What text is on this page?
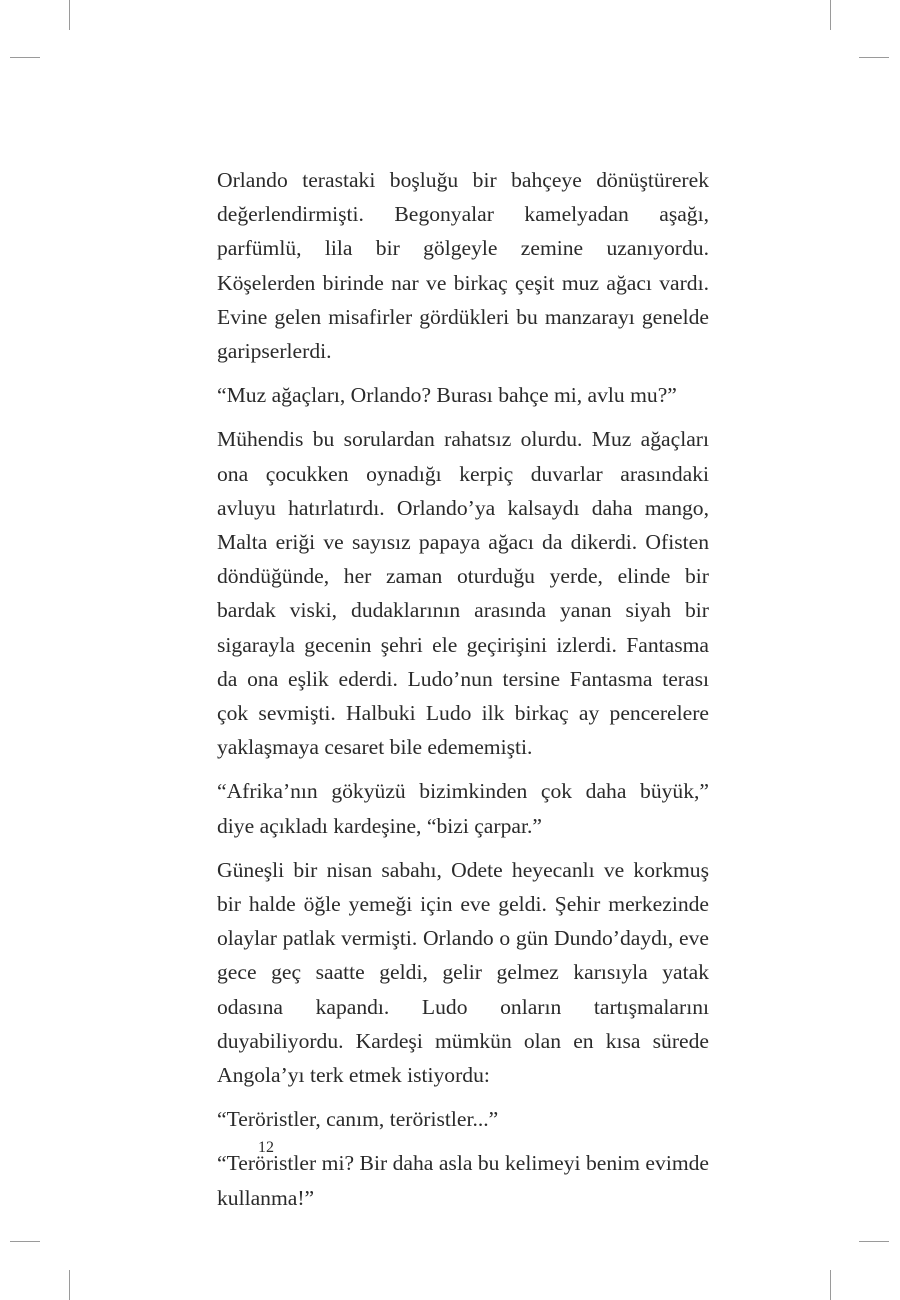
Orlando terastaki boşluğu bir bahçeye dönüştürerek değerlendirmişti. Begonyalar kamelyadan aşağı, parfümlü, lila bir gölgeyle zemine uzanıyordu. Köşelerden birinde nar ve birkaç çeşit muz ağacı vardı. Evine gelen misafirler gördükleri bu manzarayı genelde garipserlerdi.

“Muz ağaçları, Orlando? Burası bahçe mi, avlu mu?”

Mühendis bu sorulardan rahatsız olurdu. Muz ağaçları ona çocukken oynadığı kerpiç duvarlar arasındaki avluyu hatırlatırdı. Orlando’ya kalsaydı daha mango, Malta eriği ve sayısız papaya ağacı da dikerdi. Ofisten döndüğünde, her zaman oturduğu yerde, elinde bir bardak viski, dudaklarının arasında yanan siyah bir sigarayla gecenin şehri ele geçirişini izlerdi. Fantasma da ona eşlik ederdi. Ludo’nun tersine Fantasma terası çok sevmişti. Halbuki Ludo ilk birkaç ay pencerelere yaklaşmaya cesaret bile edememişti.

“Afrika’nın gökyüzü bizimkinden çok daha büyük,” diye açıkladı kardeşine, “bizi çarpar.”

Güneşli bir nisan sabahı, Odete heyecanlı ve korkmuş bir halde öğle yemeği için eve geldi. Şehir merkezinde olaylar patlak vermişti. Orlando o gün Dundo’daydı, eve gece geç saatte geldi, gelir gelmez karısıyla yatak odasına kapandı. Ludo onların tartışmalarını duyabiliyordu. Kardeşi mümkün olan en kısa sürede Angola’yı terk etmek istiyordu:

“Teröristler, canım, teröristler...”

“Teröristler mi? Bir daha asla bu kelimeyi benim evimde kullanma!”

12
